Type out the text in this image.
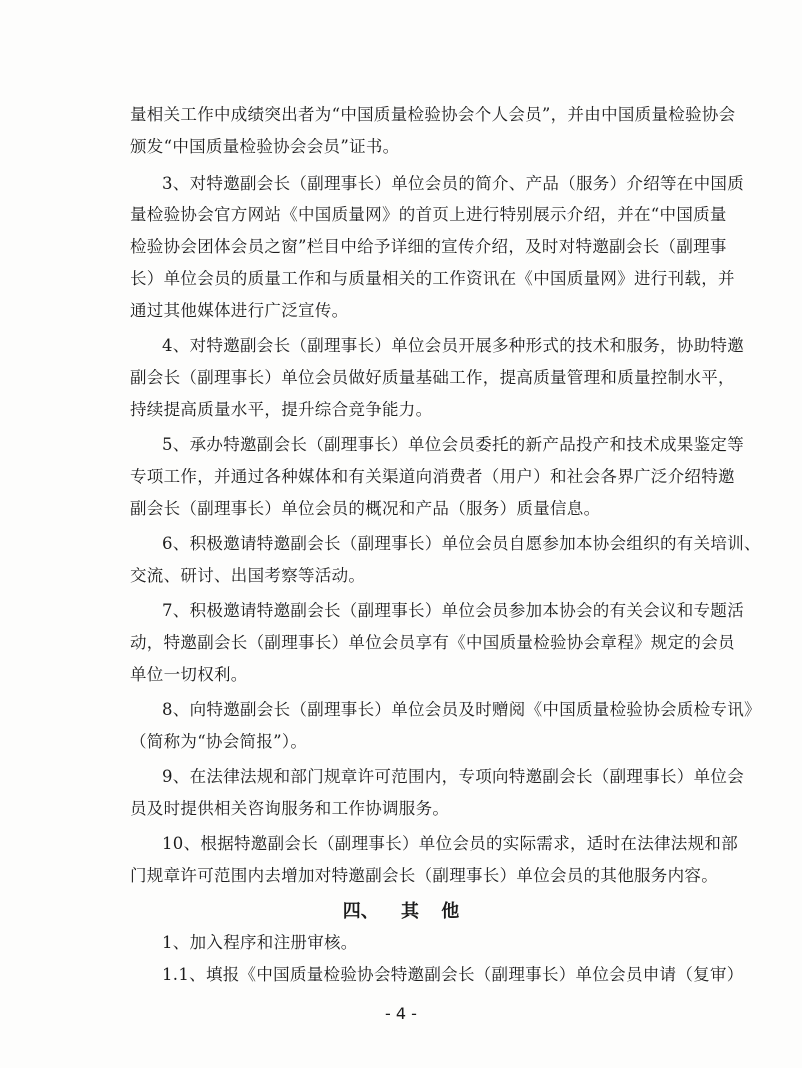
量相关工作中成绩突出者为“中国质量检验协会个人会员”，并由中国质量检验协会
颁发“中国质量检验协会会员”证书。
3、对特邀副会长（副理事长）单位会员的简介、产品（服务）介绍等在中国质
量检验协会官方网站《中国质量网》的首页上进行特别展示介绍，并在“中国质量
检验协会团体会员之窗”栏目中给予详细的宣传介绍，及时对特邀副会长（副理事
长）单位会员的质量工作和与质量相关的工作资讯在《中国质量网》进行刊载，并
通过其他媒体进行广泛宣传。
4、对特邀副会长（副理事长）单位会员开展多种形式的技术和服务，协助特邀
副会长（副理事长）单位会员做好质量基础工作，提高质量管理和质量控制水平，
持续提高质量水平，提升综合竞争能力。
5、承办特邀副会长（副理事长）单位会员委托的新产品投产和技术成果鉴定等
专项工作，并通过各种媒体和有关渠道向消费者（用户）和社会各界广泛介绍特邀
副会长（副理事长）单位会员的概况和产品（服务）质量信息。
6、积极邀请特邀副会长（副理事长）单位会员自愿参加本协会组织的有关培训、
交流、研讨、出国考察等活动。
7、积极邀请特邀副会长（副理事长）单位会员参加本协会的有关会议和专题活
动，特邀副会长（副理事长）单位会员享有《中国质量检验协会章程》规定的会员
单位一切权利。
8、向特邀副会长（副理事长）单位会员及时赠阅《中国质量检验协会质检专讯》
（简称为“协会简报”）。
9、在法律法规和部门规章许可范围内，专项向特邀副会长（副理事长）单位会
员及时提供相关咨询服务和工作协调服务。
10、根据特邀副会长（副理事长）单位会员的实际需求，适时在法律法规和部
门规章许可范围内去增加对特邀副会长（副理事长）单位会员的其他服务内容。
四、 其 他
1、加入程序和注册审核。
1.1、填报《中国质量检验协会特邀副会长（副理事长）单位会员申请（复审）
- 4 -
